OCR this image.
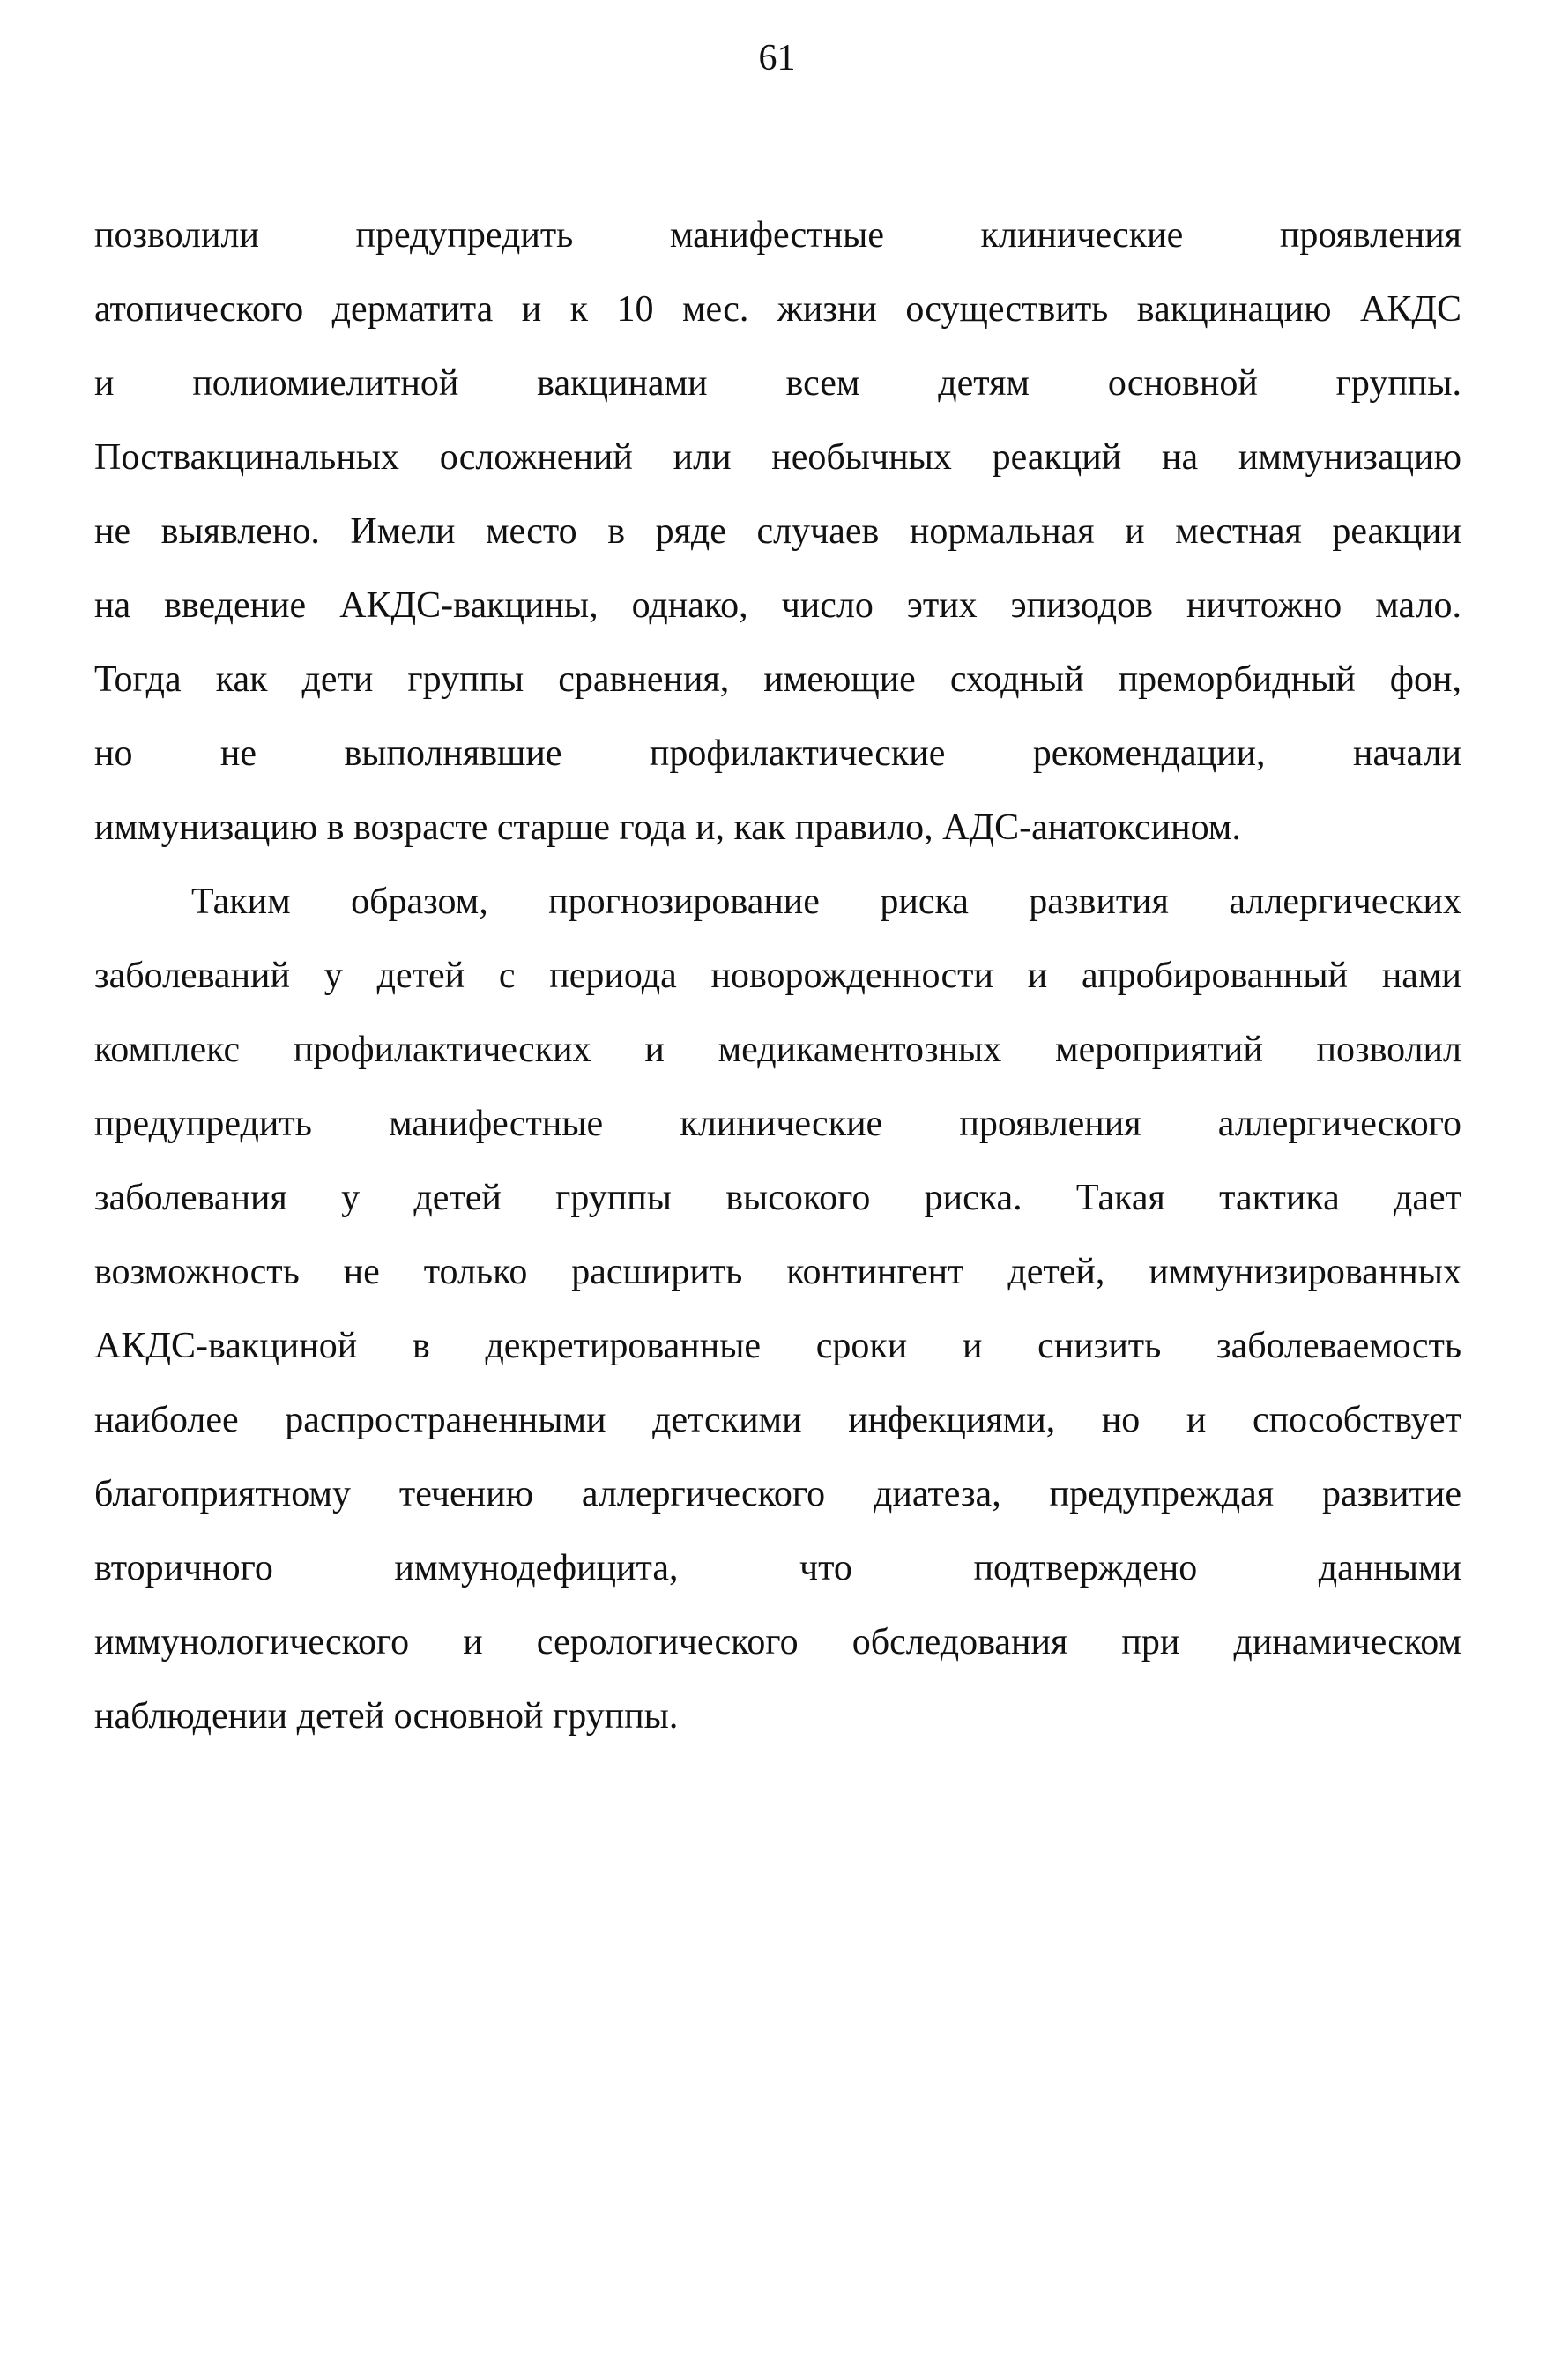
61
позволили предупредить манифестные клинические проявления
атопического дерматита и к 10 мес. жизни осуществить вакцинацию АКДС
и полиомиелитной вакцинами всем детям основной группы.
Поствакцинальных осложнений или необычных реакций на иммунизацию
не выявлено. Имели место в ряде случаев нормальная и местная реакции
на введение АКДС-вакцины, однако, число этих эпизодов ничтожно мало.
Тогда как дети группы сравнения, имеющие сходный преморбидный фон,
но не выполнявшие профилактические рекомендации, начали
иммунизацию в возрасте старше года и, как правило, АДС-анатоксином.
Таким образом, прогнозирование риска развития аллергических
заболеваний у детей с периода новорожденности и апробированный нами
комплекс профилактических и медикаментозных мероприятий позволил
предупредить манифестные клинические проявления аллергического
заболевания у детей группы высокого риска. Такая тактика дает
возможность не только расширить контингент детей, иммунизированных
АКДС-вакциной в декретированные сроки и снизить заболеваемость
наиболее распространенными детскими инфекциями, но и способствует
благоприятному течению аллергического диатеза, предупреждая развитие
вторичного иммунодефицита, что подтверждено данными
иммунологического и серологического обследования при динамическом
наблюдении детей основной группы.
